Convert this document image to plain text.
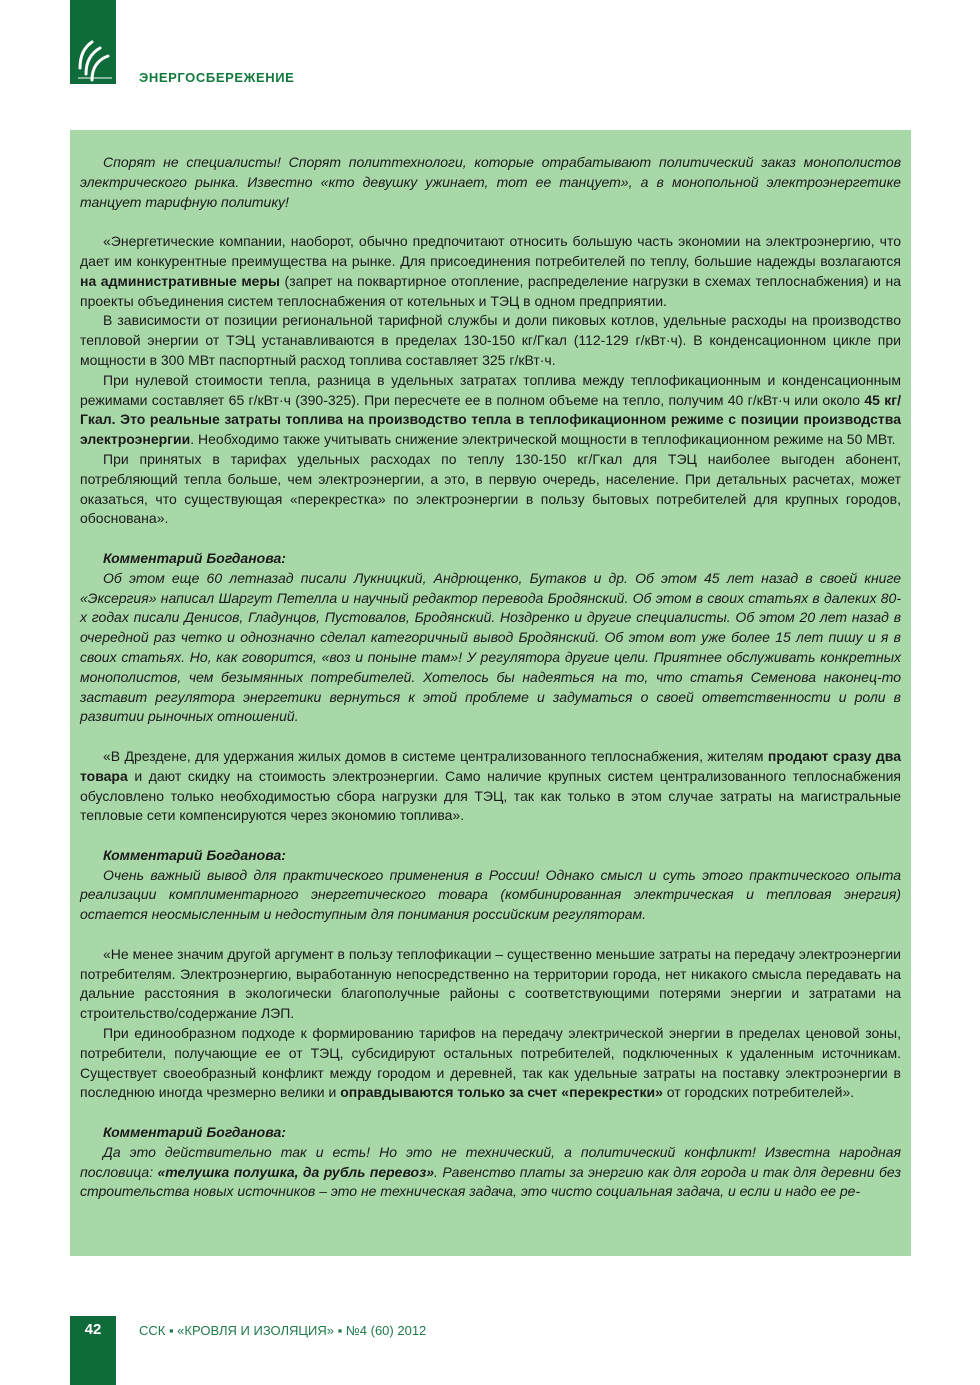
ЭНЕРГОСБЕРЕЖЕНИЕ

Спорят не специалисты! Спорят политтехнологи, которые отрабатывают политический заказ монополистов электрического рынка. Известно «кто девушку ужинает, тот ее танцует», а в монопольной электроэнергетике танцует тарифную политику!

«Энергетические компании, наоборот, обычно предпочитают относить большую часть экономии на электроэнергию, что дает им конкурентные преимущества на рынке. Для присоединения потребителей по теплу, большие надежды возлагаются на административные меры (запрет на поквартирное отопление, распределение нагрузки в схемах теплоснабжения) и на проекты объединения систем теплоснабжения от котельных и ТЭЦ в одном предприятии.

В зависимости от позиции региональной тарифной службы и доли пиковых котлов, удельные расходы на производство тепловой энергии от ТЭЦ устанавливаются в пределах 130-150 кг/Гкал (112-129 г/кВт·ч). В конденсационном цикле при мощности в 300 МВт паспортный расход топлива составляет 325 г/кВт·ч.

При нулевой стоимости тепла, разница в удельных затратах топлива между теплофикационным и конденсационным режимами составляет 65 г/кВт·ч (390-325). При пересчете ее в полном объеме на тепло, получим 40 г/кВт·ч или около 45 кг/Гкал. Это реальные затраты топлива на производство тепла в теплофикационном режиме с позиции производства электроэнергии. Необходимо также учитывать снижение электрической мощности в теплофикационном режиме на 50 МВт.

При принятых в тарифах удельных расходах по теплу 130-150 кг/Гкал для ТЭЦ наиболее выгоден абонент, потребляющий тепла больше, чем электроэнергии, а это, в первую очередь, население. При детальных расчетах, может оказаться, что существующая «перекрестка» по электроэнергии в пользу бытовых потребителей для крупных городов, обоснована».

Комментарий Богданова:

Об этом еще 60 летназад писали Лукницкий, Андрющенко, Бутаков и др. Об этом 45 лет назад в своей книге «Эксергия» написал Шаргут Петелла и научный редактор перевода Бродянский. Об этом в своих статьях в далеких 80-х годах писали Денисов, Гладунцов, Пустовалов, Бродянский. Ноздренко и другие специалисты. Об этом 20 лет назад в очередной раз четко и однозначно сделал категоричный вывод Бродянский. Об этом вот уже более 15 лет пишу и я в своих статьях. Но, как говорится, «воз и поныне там»! У регулятора другие цели. Приятнее обслуживать конкретных монополистов, чем безымянных потребителей. Хотелось бы надеяться на то, что статья Семенова наконец-то заставит регулятора энергетики вернуться к этой проблеме и задуматься о своей ответственности и роли в развитии рыночных отношений.

«В Дрездене, для удержания жилых домов в системе централизованного теплоснабжения, жителям продают сразу два товара и дают скидку на стоимость электроэнергии. Само наличие крупных систем централизованного теплоснабжения обусловлено только необходимостью сбора нагрузки для ТЭЦ, так как только в этом случае затраты на магистральные тепловые сети компенсируются через экономию топлива».

Комментарий Богданова:

Очень важный вывод для практического применения в России! Однако смысл и суть этого практического опыта реализации комплиментарного энергетического товара (комбинированная электрическая и тепловая энергия) остается неосмысленным и недоступным для понимания российским регуляторам.

«Не менее значим другой аргумент в пользу теплофикации – существенно меньшие затраты на передачу электроэнергии потребителям. Электроэнергию, выработанную непосредственно на территории города, нет никакого смысла передавать на дальние расстояния в экологически благополучные районы с соответствующими потерями энергии и затратами на строительство/содержание ЛЭП.

При единообразном подходе к формированию тарифов на передачу электрической энергии в пределах ценовой зоны, потребители, получающие ее от ТЭЦ, субсидируют остальных потребителей, подключенных к удаленным источникам. Существует своеобразный конфликт между городом и деревней, так как удельные затраты на поставку электроэнергии в последнюю иногда чрезмерно велики и оправдываются только за счет «перекрестки» от городских потребителей».

Комментарий Богданова:

Да это действительно так и есть! Но это не технический, а политический конфликт! Известна народная пословица: «телушка полушка, да рубль перевоз». Равенство платы за энергию как для города и так для деревни без строительства новых источников – это не техническая задача, это чисто социальная задача, и если и надо ее ре-

42	ССК ▪ «КРОВЛЯ И ИЗОЛЯЦИЯ» ▪ №4 (60) 2012
